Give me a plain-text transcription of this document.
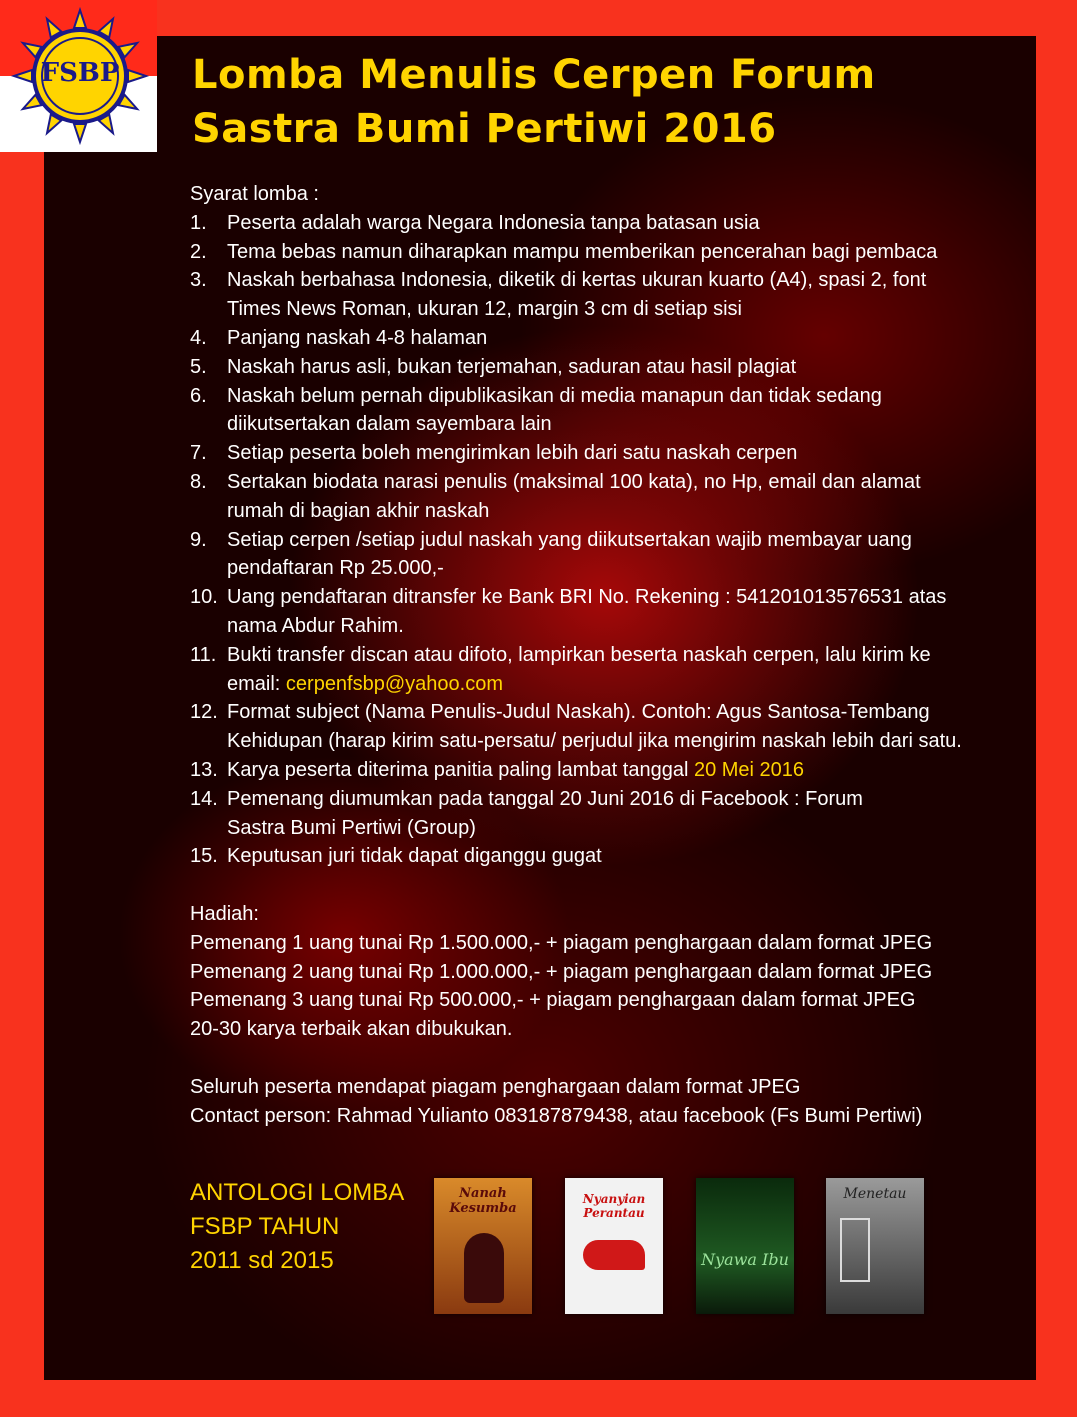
FSBP Lomba Menulis Cerpen Forum
Sastra Bumi Pertiwi 2016

Syarat lomba :

1.	Peserta adalah warga Negara Indonesia tanpa batasan usia
2.	Tema bebas namun diharapkan mampu memberikan pencerahan bagi pembaca
3.	Naskah berbahasa Indonesia, diketik di kertas ukuran kuarto (A4), spasi 2, font
Times News Roman, ukuran 12, margin 3 cm di setiap sisi
4.	Panjang naskah 4-8 halaman
5.	Naskah harus asli, bukan terjemahan, saduran atau hasil plagiat
6.	Naskah belum pernah dipublikasikan di media manapun dan tidak sedang
diikutsertakan dalam sayembara lain
7.	Setiap peserta boleh mengirimkan lebih dari satu naskah cerpen
8.	Sertakan biodata narasi penulis (maksimal 100 kata), no Hp, email dan alamat
rumah di bagian akhir naskah
9.	Setiap cerpen /setiap judul naskah yang diikutsertakan wajib membayar uang
pendaftaran Rp 25.000,-
10. Uang pendaftaran ditransfer ke Bank BRI No. Rekening : 541201013576531 atas
nama Abdur Rahim.
11. Bukti transfer discan atau difoto, lampirkan beserta naskah cerpen, lalu kirim ke
email: cerpenfsbp@yahoo.com
12. Format subject (Nama Penulis-Judul Naskah). Contoh: Agus Santosa-Tembang
Kehidupan (harap kirim satu-persatu/ perjudul jika mengirim naskah lebih dari satu.
13. Karya peserta diterima panitia paling lambat tanggal 20 Mei 2016
14. Pemenang diumumkan pada tanggal 20 Juni 2016 di Facebook : Forum
Sastra Bumi Pertiwi (Group)
15. Keputusan juri tidak dapat diganggu gugat

Hadiah:

Pemenang 1 uang tunai Rp 1.500.000,- + piagam penghargaan dalam format JPEG
Pemenang 2 uang tunai Rp 1.000.000,- + piagam penghargaan dalam format JPEG
Pemenang 3 uang tunai Rp 500.000,- + piagam penghargaan dalam format JPEG
20-30 karya terbaik akan dibukukan.
Seluruh peserta mendapat piagam penghargaan dalam format JPEG
Contact person: Rahmad Yulianto 083187879438, atau facebook (Fs Bumi Pertiwi)
ANTOLOGI LOMBA
FSBP TAHUN
2011 sd 2015
Nanah Kesumba
Nyanyian Perantau
Nyawa Ibu
Menetau
